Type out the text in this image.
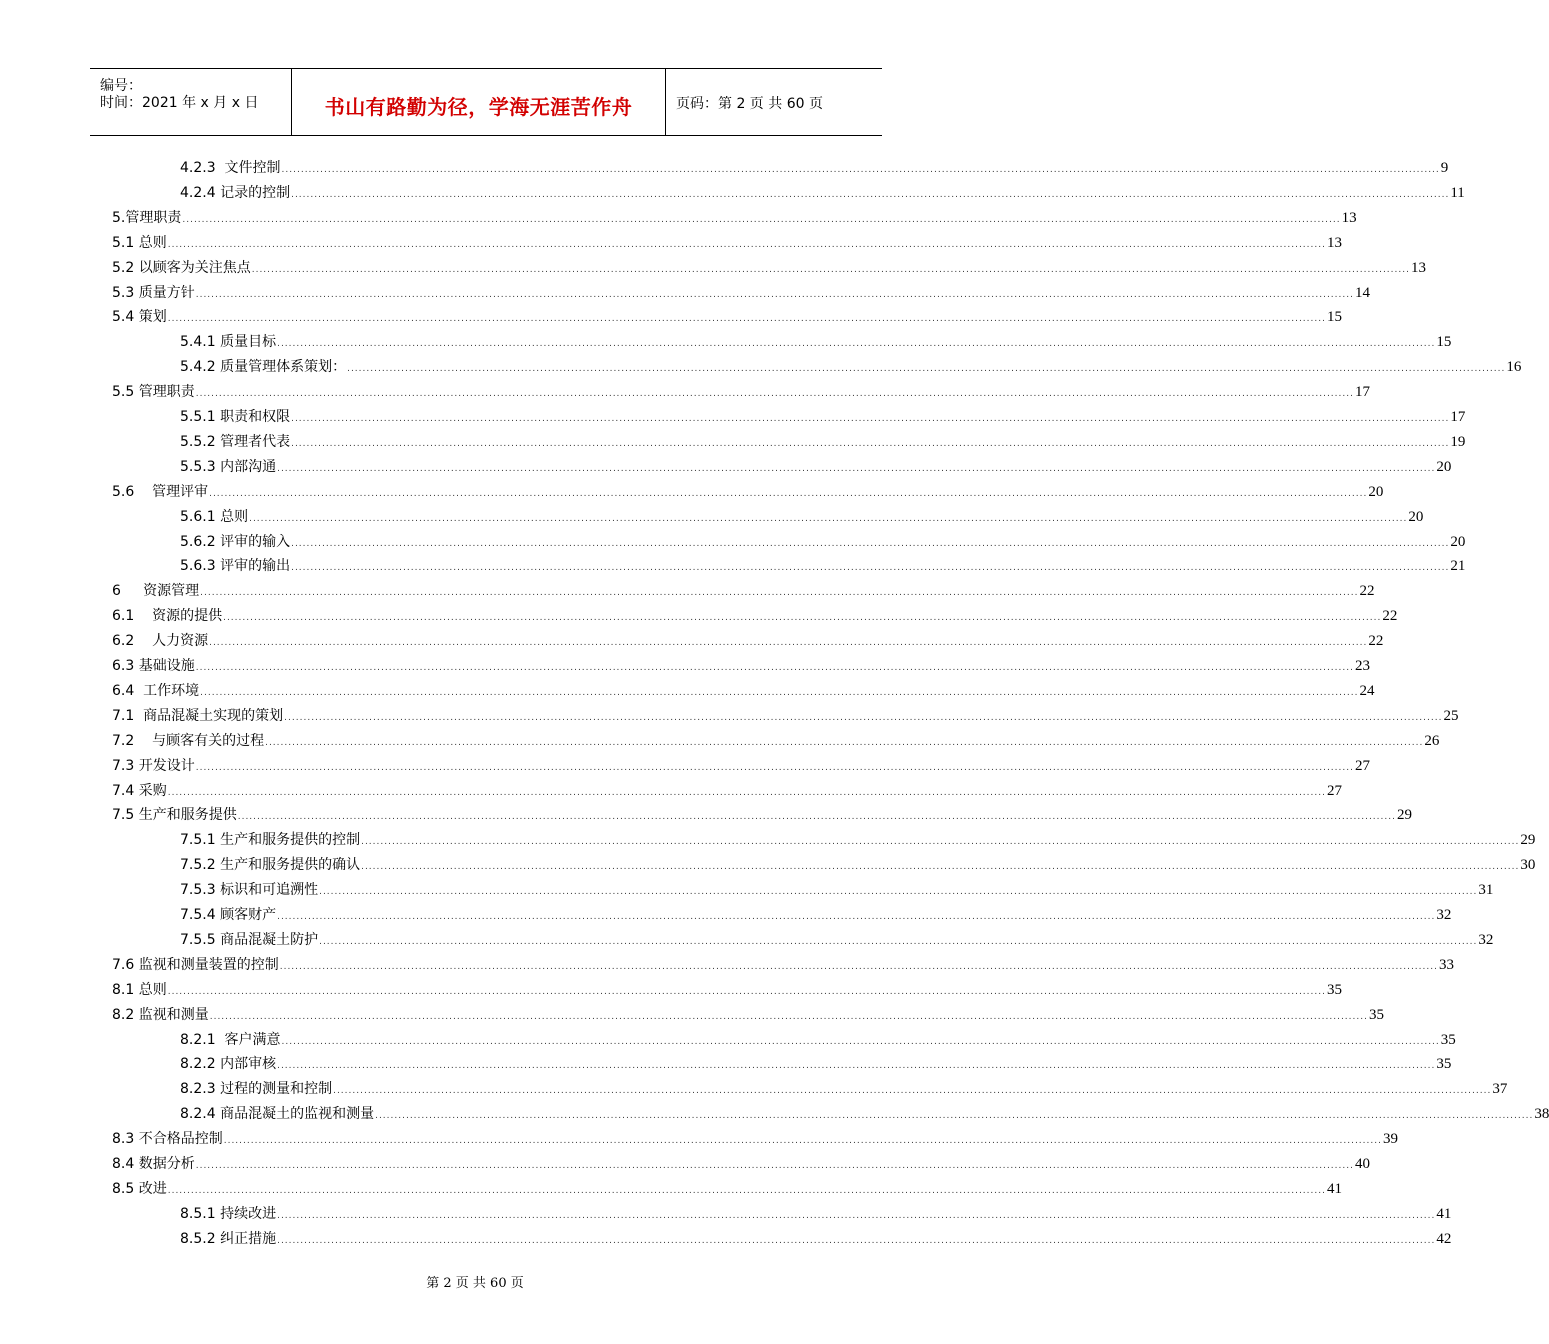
编号：
时间：2021 年 x 月 x 日	书山有路勤为径，学海无涯苦作舟	页码：第 2 页 共 60 页
4.2.3  文件控制 ............................................................................................................................................................................................................................................................................................................ 9
4.2.4 记录的控制 ............................................................................................................................................................................................................................................................................................................ 11
5.管理职责 ............................................................................................................................................................................................................................................................................................................ 13
5.1 总则 ............................................................................................................................................................................................................................................................................................................ 13
5.2 以顾客为关注焦点 ............................................................................................................................................................................................................................................................................................................ 13
5.3 质量方针 ............................................................................................................................................................................................................................................................................................................ 14
5.4 策划 ............................................................................................................................................................................................................................................................................................................ 15
5.4.1 质量目标 ............................................................................................................................................................................................................................................................................................................ 15
5.4.2 质量管理体系策划： ............................................................................................................................................................................................................................................................................................................ 16
5.5 管理职责 ............................................................................................................................................................................................................................................................................................................ 17
5.5.1 职责和权限 ............................................................................................................................................................................................................................................................................................................ 17
5.5.2 管理者代表 ............................................................................................................................................................................................................................................................................................................ 19
5.5.3 内部沟通 ............................................................................................................................................................................................................................................................................................................ 20
5.6    管理评审 ............................................................................................................................................................................................................................................................................................................ 20
5.6.1 总则 ............................................................................................................................................................................................................................................................................................................ 20
5.6.2 评审的输入 ............................................................................................................................................................................................................................................................................................................ 20
5.6.3 评审的输出 ............................................................................................................................................................................................................................................................................................................ 21
6     资源管理 ............................................................................................................................................................................................................................................................................................................ 22
6.1    资源的提供 ............................................................................................................................................................................................................................................................................................................ 22
6.2    人力资源 ............................................................................................................................................................................................................................................................................................................ 22
6.3 基础设施 ............................................................................................................................................................................................................................................................................................................ 23
6.4  工作环境 ............................................................................................................................................................................................................................................................................................................ 24
7.1  商品混凝土实现的策划 ............................................................................................................................................................................................................................................................................................................ 25
7.2    与顾客有关的过程 ............................................................................................................................................................................................................................................................................................................ 26
7.3 开发设计 ............................................................................................................................................................................................................................................................................................................ 27
7.4 采购 ............................................................................................................................................................................................................................................................................................................ 27
7.5 生产和服务提供 ............................................................................................................................................................................................................................................................................................................ 29
7.5.1 生产和服务提供的控制 ............................................................................................................................................................................................................................................................................................................ 29
7.5.2 生产和服务提供的确认 ............................................................................................................................................................................................................................................................................................................ 30
7.5.3 标识和可追溯性 ............................................................................................................................................................................................................................................................................................................ 31
7.5.4 顾客财产 ............................................................................................................................................................................................................................................................................................................ 32
7.5.5 商品混凝土防护 ............................................................................................................................................................................................................................................................................................................ 32
7.6 监视和测量装置的控制 ............................................................................................................................................................................................................................................................................................................ 33
8.1 总则 ............................................................................................................................................................................................................................................................................................................ 35
8.2 监视和测量 ............................................................................................................................................................................................................................................................................................................ 35
8.2.1  客户满意 ............................................................................................................................................................................................................................................................................................................ 35
8.2.2 内部审核 ............................................................................................................................................................................................................................................................................................................ 35
8.2.3 过程的测量和控制 ............................................................................................................................................................................................................................................................................................................ 37
8.2.4 商品混凝土的监视和测量 ............................................................................................................................................................................................................................................................................................................ 38
8.3 不合格品控制 ............................................................................................................................................................................................................................................................................................................ 39
8.4 数据分析 ............................................................................................................................................................................................................................................................................................................ 40
8.5 改进 ............................................................................................................................................................................................................................................................................................................ 41
8.5.1 持续改进 ............................................................................................................................................................................................................................................................................................................ 41
8.5.2 纠正措施 ............................................................................................................................................................................................................................................................................................................ 42
第 2 页 共 60 页
